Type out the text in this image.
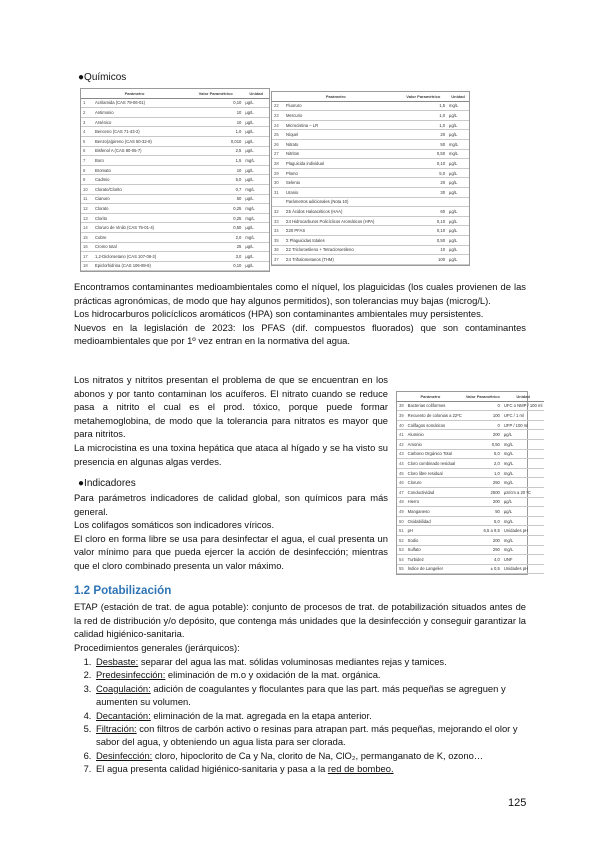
●Químicos
Parámetro		Valor Paramétrico	Unidad
1	Acrilamida (CAS 79-06-01)	0,10	µg/L
2	Antimonio	10	µg/L
3	Arsénico	10	µg/L
4	Benceno (CAS 71-43-2)	1,0	µg/L
5	Benzo(a)pireno (CAS 50-32-8)	0,010	µg/L
6	Bisfenol A (CAS 80-05-7)	2,5	µg/L
7	Boro	1,5	mg/L
8	Bromato	10	µg/L
9	Cadmio	5,0	µg/L
10	Clorato/Clorito	0,7	mg/L
11	Cianuro	50	µg/L
12	Clorato	0,25	mg/L
13	Clorito	0,25	mg/L
14	Cloruro de Vinilo (CAS 75-01-4)	0,50	µg/L
15	Cobre	2,0	mg/L
16	Cromo total	25	µg/L
17	1,2-Dicloroetano (CAS 107-06-2)	3,0	µg/L
18	Epiclorhidrina (CAS 106-89-8)	0,10	µg/L
Parámetro		Valor Paramétrico	Unidad
22	Fluoruro	1,5	mg/L
23	Mercurio	1,0	µg/L
24	Microcistina – LR	1,0	µg/L
25	Níquel	20	µg/L
26	Nitrato	50	mg/L
27	Nitritos	0,50	mg/L
28	Plaguicida individual	0,10	µg/L
29	Plomo	5,0	µg/L
30	Selenio	20	µg/L
31	Uranio	30	µg/L
	Parámetros adicionales (Nota 10)		
32	Σ5 Ácidos Haloacéticos (HAA)	60	µg/L
33	Σ4 Hidrocarburos Policíclicos Aromáticos (HPA)	0,10	µg/L
34	Σ20 PFAS	0,10	µg/L
35	Σ Plaguicidas totales	0,50	µg/L
36	Σ2 Tricloroetileno + Tetracloroetileno	10	µg/L
37	Σ4 Trihalometanos (THM)	100	µg/L
Encontramos contaminantes medioambientales como el níquel, los plaguicidas (los cuales provienen de las prácticas agronómicas, de modo que hay algunos permitidos), son tolerancias muy bajas (microg/L).
Los hidrocarburos policíclicos aromáticos (HPA) son contaminantes ambientales muy persistentes.
Nuevos en la legislación de 2023: los PFAS (dif. compuestos fluorados) que son contaminantes medioambientales que por 1º vez entran en la normativa del agua.
Los nitratos y nitritos presentan el problema de que se encuentran en los abonos y por tanto contaminan los acuíferos. El nitrato cuando se reduce pasa a nitrito el cual es el prod. tóxico, porque puede formar metahemoglobina, de modo que la tolerancia para nitratos es mayor que para nitritos.
La microcistina es una toxina hepática que ataca al hígado y se ha visto su presencia en algunas algas verdes.
●Indicadores
Para parámetros indicadores de calidad global, son químicos para más general.
Los colifagos somáticos son indicadores víricos.
El cloro en forma libre se usa para desinfectar el agua, el cual presenta un valor mínimo para que pueda ejercer la acción de desinfección; mientras que el cloro combinado presenta un valor máximo.
Parámetro		Valor Paramétrico	Unidad
38	Bacterias coliformes	0	UFC o NMP / 100 ml
39	Recuento de colonias a 22ºC	100	UFC / 1 ml
40	Colifagos somáticos	0	UFP / 100 ml
41	Aluminio	200	µg/L
42	Amonio	0,50	mg/L
43	Carbono Orgánico Total	5,0	mg/L
44	Cloro combinado residual	2,0	mg/L
45	Cloro libre residual	1,0	mg/L
46	Cloruro	250	mg/L
47	Conductividad	2500	µS/cm a 20 ºC
48	Hierro	200	µg/L
49	Manganeso	50	µg/L
50	Oxidabilidad	5,0	mg/L
51	pH	6,5 a 9,5	Unidades pH
52	Sodio	200	mg/L
53	Sulfato	250	mg/L
54	Turbidez	4,0	UNF
55	Índice de Langelier	± 0,5	Unidades pH
1.2 Potabilización
ETAP (estación de trat. de agua potable): conjunto de procesos de trat. de potabilización situados antes de la red de distribución y/o depósito, que contenga más unidades que la desinfección y conseguir garantizar la calidad higiénico-sanitaria.
Procedimientos generales (jerárquicos):
1. Desbaste: separar del agua las mat. sólidas voluminosas mediantes rejas y tamices.
2. Predesinfección: eliminación de m.o y oxidación de la mat. orgánica.
3. Coagulación: adición de coagulantes y floculantes para que las part. más pequeñas se agreguen y aumenten su volumen.
4. Decantación: eliminación de la mat. agregada en la etapa anterior.
5. Filtración: con filtros de carbón activo o resinas para atrapan part. más pequeñas, mejorando el olor y sabor del agua, y obteniendo un agua lista para ser clorada.
6. Desinfección: cloro, hipoclorito de Ca y Na, clorito de Na, ClO₂, permanganato de K, ozono…
7. El agua presenta calidad higiénico-sanitaria y pasa a la red de bombeo.
125
